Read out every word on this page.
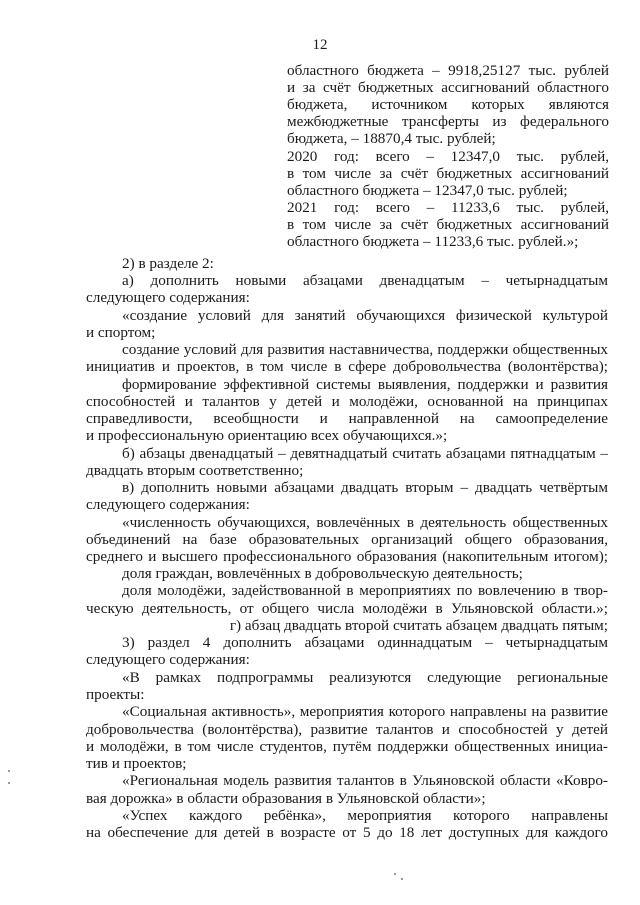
12
областного бюджета – 9918,25127 тыс. рублей
и за счёт бюджетных ассигнований областного
бюджета, источником которых являются
межбюджетные трансферты из федерального
бюджета, – 18870,4 тыс. рублей;
2020 год: всего – 12347,0 тыс. рублей,
в том числе за счёт бюджетных ассигнований
областного бюджета – 12347,0 тыс. рублей;
2021 год: всего – 11233,6 тыс. рублей,
в том числе за счёт бюджетных ассигнований
областного бюджета – 11233,6 тыс. рублей.»;
2) в разделе 2:
а) дополнить новыми абзацами двенадцатым – четырнадцатым
следующего содержания:
«создание условий для занятий обучающихся физической культурой
и спортом;
создание условий для развития наставничества, поддержки общественных
инициатив и проектов, в том числе в сфере добровольчества (волонтёрства);
формирование эффективной системы выявления, поддержки и развития
способностей и талантов у детей и молодёжи, основанной на принципах
справедливости, всеобщности и направленной на самоопределение
и профессиональную ориентацию всех обучающихся.»;
б) абзацы двенадцатый – девятнадцатый считать абзацами пятнадцатым –
двадцать вторым соответственно;
в) дополнить новыми абзацами двадцать вторым – двадцать четвёртым
следующего содержания:
«численность обучающихся, вовлечённых в деятельность общественных
объединений на базе образовательных организаций общего образования,
среднего и высшего профессионального образования (накопительным итогом);
доля граждан, вовлечённых в добровольческую деятельность;
доля молодёжи, задействованной в мероприятиях по вовлечению в твор-
ческую деятельность, от общего числа молодёжи в Ульяновской области.»;
г) абзац двадцать второй считать абзацем двадцать пятым;
3) раздел 4 дополнить абзацами одиннадцатым – четырнадцатым
следующего содержания:
«В рамках подпрограммы реализуются следующие региональные
проекты:
«Социальная активность», мероприятия которого направлены на развитие
добровольчества (волонтёрства), развитие талантов и способностей у детей
и молодёжи, в том числе студентов, путём поддержки общественных инициа-
тив и проектов;
«Региональная модель развития талантов в Ульяновской области «Ковро-
вая дорожка» в области образования в Ульяновской области»;
«Успех каждого ребёнка», мероприятия которого направлены
на обеспечение для детей в возрасте от 5 до 18 лет доступных для каждого
